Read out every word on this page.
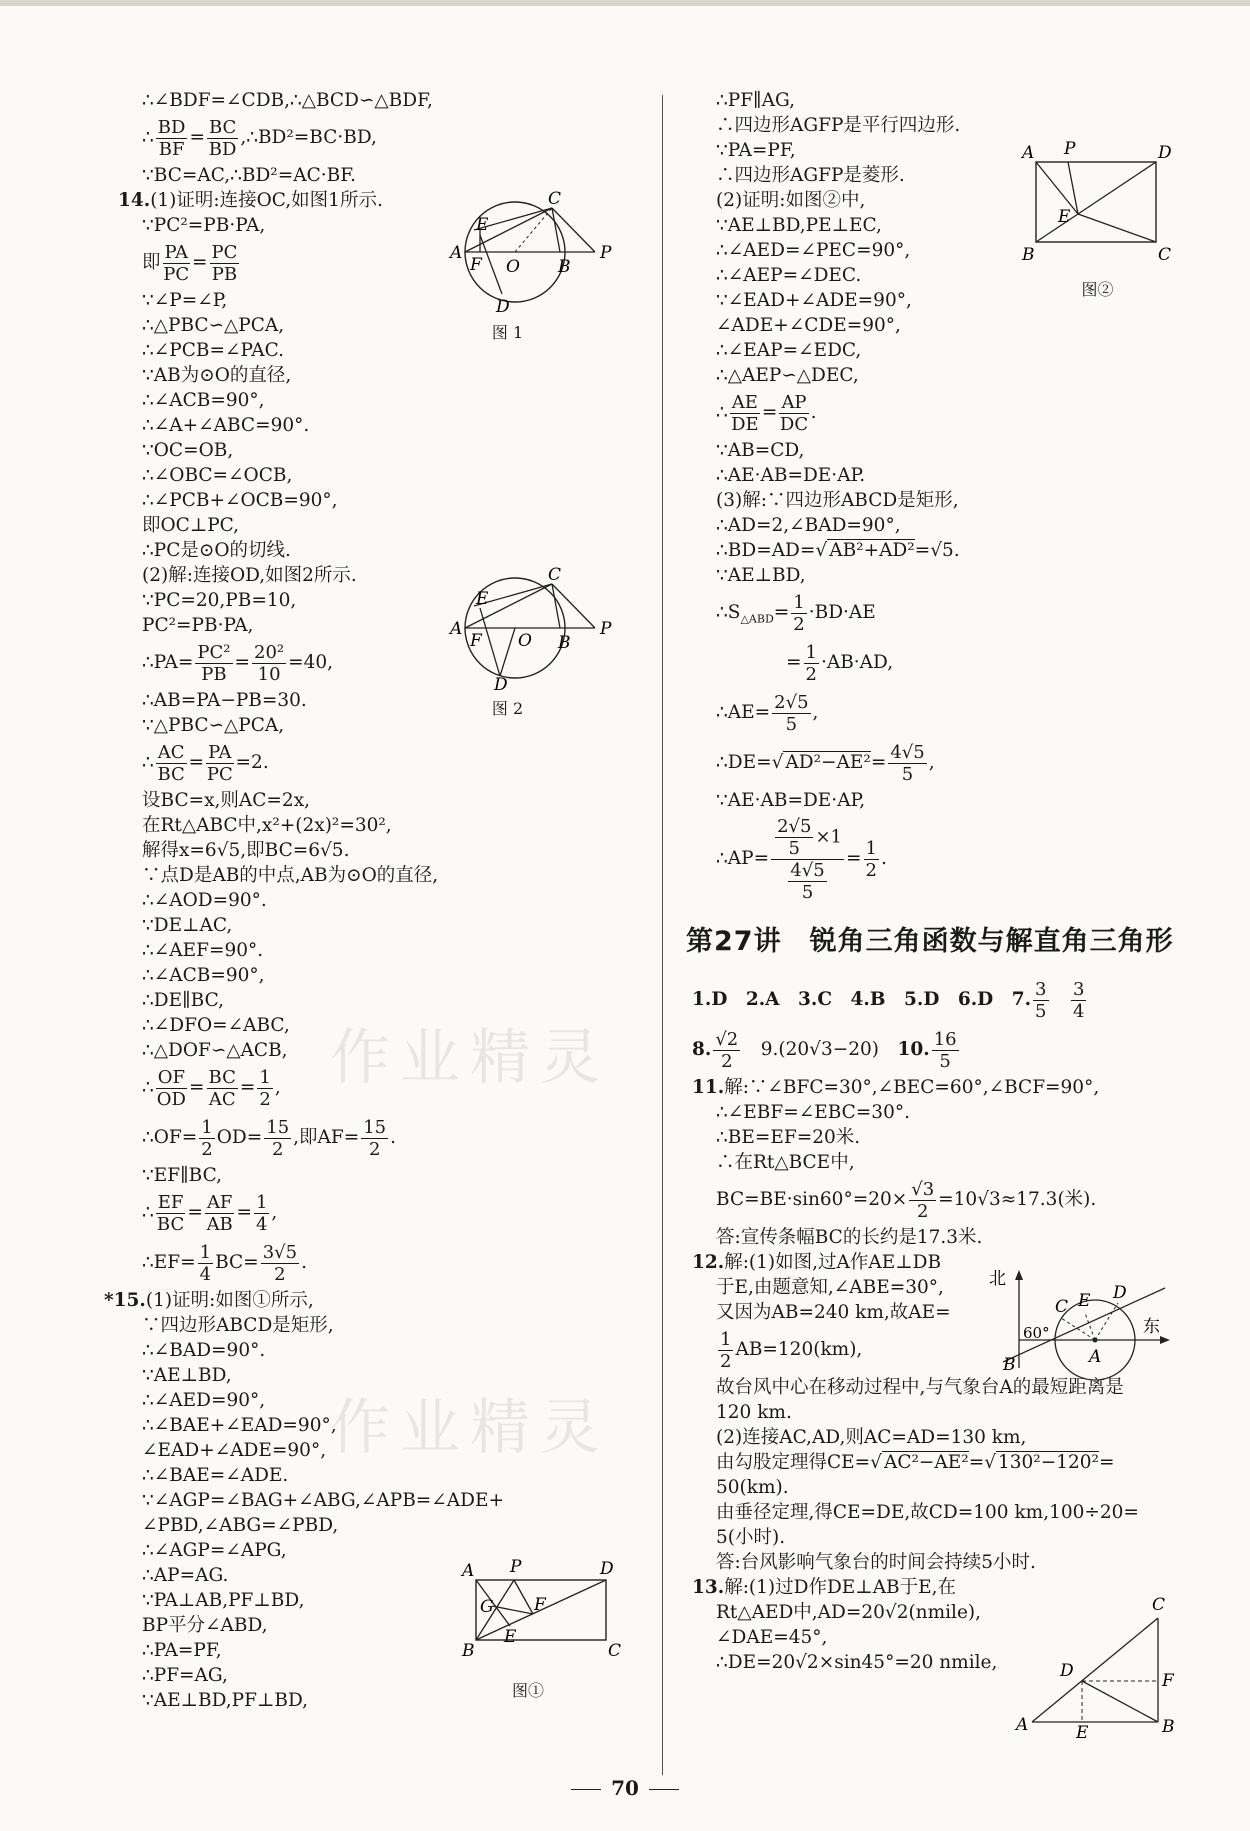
作业精灵
作业精灵
∴∠BDF=∠CDB,∴△BCD∽△BDF,
∴ $\frac{BD}{BF} = \frac{BC}{BD}$ ,∴BD²=BC·BD,
∵BC=AC,∴BD²=AC·BF.
14.(1)证明:连接OC,如图1所示.
∵PC²=PB·PA,
即 $\frac{PA}{PC} = \frac{PC}{PB}$
∵∠P=∠P,
∴△PBC∽△PCA,
∴∠PCB=∠PAC.
∵AB为⊙O的直径,
∴∠ACB=90°,
∴∠A+∠ABC=90°.
∵OC=OB,
∴∠OBC=∠OCB,
∴∠PCB+∠OCB=90°,
即OC⊥PC,
∴PC是⊙O的切线.
(2)解:连接OD,如图2所示.
∵PC=20,PB=10,
PC²=PB·PA,
∴PA= $\frac{\text{PC²}}{PB} = \frac{\text{20²}}{10} =40$,
∴AB=PA−PB=30.
∵△PBC∽△PCA,
∴ $\frac{AC}{BC} = \frac{PA}{PC} =2$.
设BC=x,则AC=2x,
在Rt△ABC中,x²+(2x)²=30²,
解得x=6√5,即BC=6√5.
∵点D是AB的中点,AB为⊙O的直径,
∴∠AOD=90°.
∵DE⊥AC,
∴∠AEF=90°.
∴∠ACB=90°,
∴DE∥BC,
∴∠DFO=∠ABC,
∴△DOF∽△ACB,
∴ $\frac{OF}{OD} = \frac{BC}{AC} = \frac{1}{2}$ ,
∴OF= $\frac{1}{2} OD= \frac{15}{2}$ ,即$AF= \frac{15}{2}$ .
∵EF∥BC,
∴ $\frac{EF}{BC} = \frac{AF}{AB} = \frac{1}{4}$ ,
∴EF= $\frac{1}{4} BC= \frac{3√5}{2}$ .
*15.(1)证明:如图①所示,
∵四边形ABCD是矩形,
∴∠BAD=90°.
∵AE⊥BD,
∴∠AED=90°,
∴∠BAE+∠EAD=90°,
∠EAD+∠ADE=90°,
∴∠BAE=∠ADE.
∵∠AGP=∠BAG+∠ABG,∠APB=∠ADE+
∠PBD,∠ABG=∠PBD,
∴∠AGP=∠APG,
∴AP=AG.
∵PA⊥AB,PF⊥BD,
BP平分∠ABD,
∴PA=PF,
∴PF=AG,
∵AE⊥BD,PF⊥BD,
A
E
F O B
P
C
D
图 1
A
E
F O B
P
C
D
图 2
A P	D
G F
E
B	C
图①
∴PF∥AG,
∴四边形AGFP是平行四边形.
∵PA=PF,
∴四边形AGFP是菱形.
(2)证明:如图②中,
∵AE⊥BD,PE⊥EC,
∴∠AED=∠PEC=90°,
∴∠AEP=∠DEC.
∵∠EAD+∠ADE=90°,
∠ADE+∠CDE=90°,
∴∠EAP=∠EDC,
∴△AEP∽△DEC,
∴ $\frac{AE}{DE} = \frac{AP}{DC}$ .
∵AB=CD,
∴AE·AB=DE·AP.
(3)解:∵四边形ABCD是矩形,
∴AD=2,∠BAD=90°,
∴BD=AD=√ AB²+AD²=√5.
∵AE⊥BD,
$\therefore S_{\triangle ABD}= \frac{1}{2} \cdot BD\cdot AE$
= $\frac{1}{2} \cdot AB\cdot AD$,
∴AE= $\frac{2√5}{5}$ ,
∴DE=√ $AD^2-AE^2= \frac{4√5}{5}$ ,
∵AE·AB=DE·AP,
∴AP= $\frac{\frac{2√5}{5} \times 1}{\frac{4√5}{5}} = \frac{1}{2}$ .
第27讲　锐角三角函数与解直角三角形
1.D　2.A　3.C　4.B　5.D　6.D　7. $\frac{3}{5}$
　 $\frac{3}{4}$
8. $\frac{√2}{2}$
　 9.(20√3−20)　 10. $\frac{16}{5}$
11.解:∵∠BFC=30°,∠BEC=60°,∠BCF=90°,
∴∠EBF=∠EBC=30°.
∴BE=EF=20米.
∴在Rt△BCE中,
$BC=BE\cdot\sin 60^\circ=20\times \frac{√3}{2} =10√3\approx 17.3$(米).
答:宣传条幅BC的长约是17.3米.
12.解:(1)如图,过A作AE⊥DB
于E,由题意知,∠ABE=30°,
又因为AB=240 km,故AE=
$\frac{1}{2} AB=120(km)$,
故台风中心在移动过程中,与气象台A的最短距离是
120 km.
(2)连接AC,AD,则AC=AD=130 km,
由勾股定理得CE=√ AC²−AE²=√ 130²−120²=
50(km).
由垂径定理,得CE=DE,故CD=100 km,100÷20=
5(小时).
答:台风影响气象台的时间会持续5小时.
13.解:(1)过D作DE⊥AB于E,在
Rt△AED中,AD=20√2(nmile),
∠DAE=45°,
∴DE=20√2×sin45°=20 nmile,
A P	D
E
B	C
图②
北
东
60°
C E D
B	A
C
D	F
A	E	B
70
